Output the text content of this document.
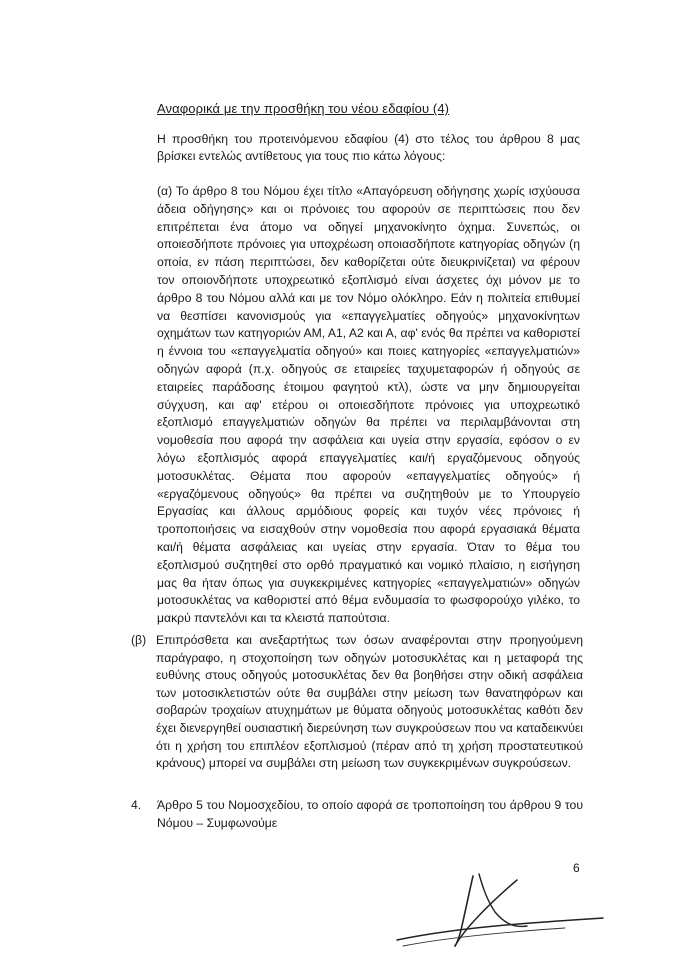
Αναφορικά με την προσθήκη του νέου εδαφίου (4)
Η προσθήκη του προτεινόμενου εδαφίου (4) στο τέλος του άρθρου 8 μας βρίσκει εντελώς αντίθετους για τους πιο κάτω λόγους:
(α) Το άρθρο 8 του Νόμου έχει τίτλο «Απαγόρευση οδήγησης χωρίς ισχύουσα άδεια οδήγησης» και οι πρόνοιες του αφορούν σε περιπτώσεις που δεν επιτρέπεται ένα άτομο να οδηγεί μηχανοκίνητο όχημα. Συνεπώς, οι οποιεσδήποτε πρόνοιες για υποχρέωση οποιασδήποτε κατηγορίας οδηγών (η οποία, εν πάση περιπτώσει, δεν καθορίζεται ούτε διευκρινίζεται) να φέρουν τον οποιονδήποτε υποχρεωτικό εξοπλισμό είναι άσχετες όχι μόνον με το άρθρο 8 του Νόμου αλλά και με τον Νόμο ολόκληρο. Εάν η πολιτεία επιθυμεί να θεσπίσει κανονισμούς για «επαγγελματίες οδηγούς» μηχανοκίνητων οχημάτων των κατηγοριών ΑΜ, Α1, Α2 και Α, αφ' ενός θα πρέπει να καθοριστεί η έννοια του «επαγγελματία οδηγού» και ποιες κατηγορίες «επαγγελματιών» οδηγών αφορά (π.χ. οδηγούς σε εταιρείες ταχυμεταφορών ή οδηγούς σε εταιρείες παράδοσης έτοιμου φαγητού κτλ), ώστε να μην δημιουργείται σύγχυση, και αφ' ετέρου οι οποιεσδήποτε πρόνοιες για υποχρεωτικό εξοπλισμό επαγγελματιών οδηγών θα πρέπει να περιλαμβάνονται στη νομοθεσία που αφορά την ασφάλεια και υγεία στην εργασία, εφόσον ο εν λόγω εξοπλισμός αφορά επαγγελματίες και/ή εργαζόμενους οδηγούς μοτοσυκλέτας. Θέματα που αφορούν «επαγγελματίες οδηγούς» ή «εργαζόμενους οδηγούς» θα πρέπει να συζητηθούν με το Υπουργείο Εργασίας και άλλους αρμόδιους φορείς και τυχόν νέες πρόνοιες ή τροποποιήσεις να εισαχθούν στην νομοθεσία που αφορά εργασιακά θέματα και/ή θέματα ασφάλειας και υγείας στην εργασία. Όταν το θέμα του εξοπλισμού συζητηθεί στο ορθό πραγματικό και νομικό πλαίσιο, η εισήγηση μας θα ήταν όπως για συγκεκριμένες κατηγορίες «επαγγελματιών» οδηγών μοτοσυκλέτας να καθοριστεί από θέμα ενδυμασία το φωσφορούχο γιλέκο, το μακρύ παντελόνι και τα κλειστά παπούτσια.
(β) Επιπρόσθετα και ανεξαρτήτως των όσων αναφέρονται στην προηγούμενη παράγραφο, η στοχοποίηση των οδηγών μοτοσυκλέτας και η μεταφορά της ευθύνης στους οδηγούς μοτοσυκλέτας δεν θα βοηθήσει στην οδική ασφάλεια των μοτοσικλετιστών ούτε θα συμβάλει στην μείωση των θανατηφόρων και σοβαρών τροχαίων ατυχημάτων με θύματα οδηγούς μοτοσυκλέτας καθότι δεν έχει διενεργηθεί ουσιαστική διερεύνηση των συγκρούσεων που να καταδεικνύει ότι η χρήση του επιπλέον εξοπλισμού (πέραν από τη χρήση προστατευτικού κράνους) μπορεί να συμβάλει στη μείωση των συγκεκριμένων συγκρούσεων.
4. Άρθρο 5 του Νομοσχεδίου, το οποίο αφορά σε τροποποίηση του άρθρου 9 του Νόμου – Συμφωνούμε
6
